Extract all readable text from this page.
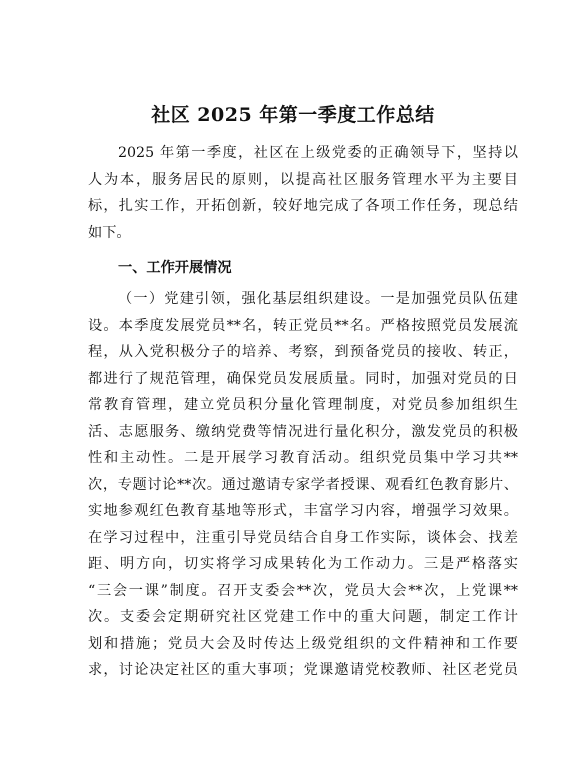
社区 2025 年第一季度工作总结
2025 年第一季度，社区在上级党委的正确领导下，坚持以
人为本，服务居民的原则，以提高社区服务管理水平为主要目
标，扎实工作，开拓创新，较好地完成了各项工作任务，现总结
如下。
一、工作开展情况
（一）党建引领，强化基层组织建设。一是加强党员队伍建
设。本季度发展党员**名，转正党员**名。严格按照党员发展流
程，从入党积极分子的培养、考察，到预备党员的接收、转正，
都进行了规范管理，确保党员发展质量。同时，加强对党员的日
常教育管理，建立党员积分量化管理制度，对党员参加组织生
活、志愿服务、缴纳党费等情况进行量化积分，激发党员的积极
性和主动性。二是开展学习教育活动。组织党员集中学习共**
次，专题讨论**次。通过邀请专家学者授课、观看红色教育影片、
实地参观红色教育基地等形式，丰富学习内容，增强学习效果。
在学习过程中，注重引导党员结合自身工作实际，谈体会、找差
距、明方向，切实将学习成果转化为工作动力。三是严格落实
“三会一课”制度。召开支委会**次，党员大会**次，上党课**
次。支委会定期研究社区党建工作中的重大问题，制定工作计
划和措施；党员大会及时传达上级党组织的文件精神和工作要
求，讨论决定社区的重大事项；党课邀请党校教师、社区老党员
